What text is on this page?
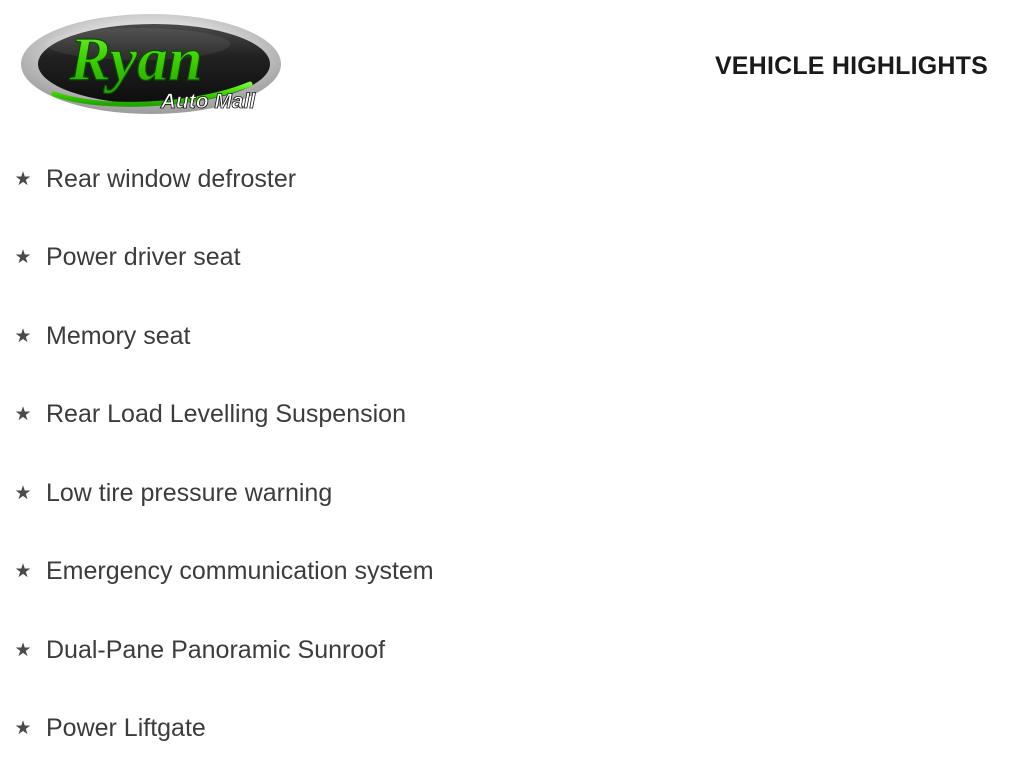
Ryan
Auto Mall
VEHICLE HIGHLIGHTS
★ Rear window defroster
★ Power driver seat
★ Memory seat
★ Rear Load Levelling Suspension
★ Low tire pressure warning
★ Emergency communication system
★ Dual-Pane Panoramic Sunroof
★ Power Liftgate
